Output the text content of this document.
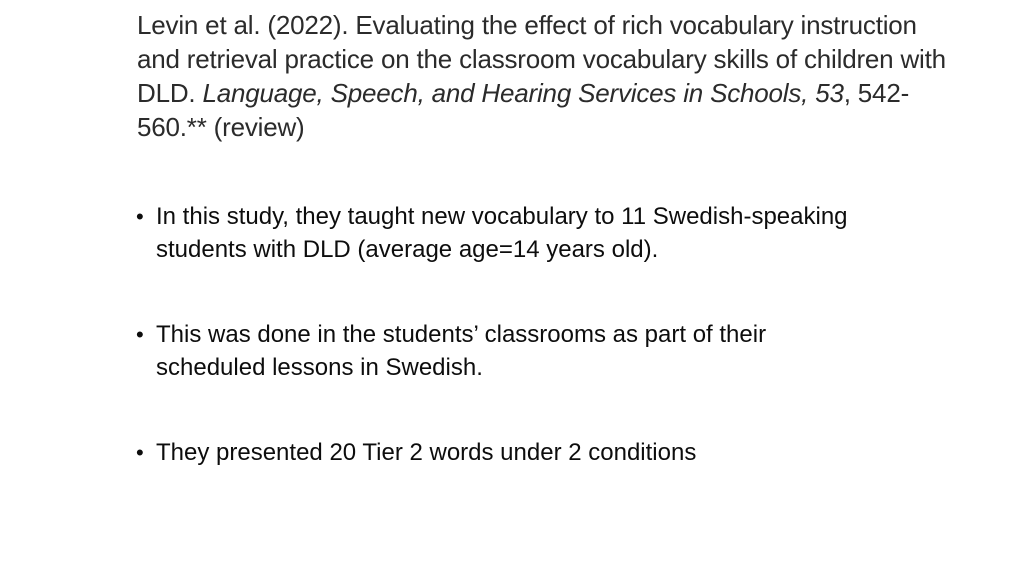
Levin et al. (2022). Evaluating the effect of rich vocabulary instruction and retrieval practice on the classroom vocabulary skills of children with DLD. Language, Speech, and Hearing Services in Schools, 53, 542-560.** (review)
• In this study, they taught new vocabulary to 11 Swedish-speaking students with DLD (average age=14 years old).
• This was done in the students’ classrooms as part of their scheduled lessons in Swedish.
• They presented 20 Tier 2 words under 2 conditions
